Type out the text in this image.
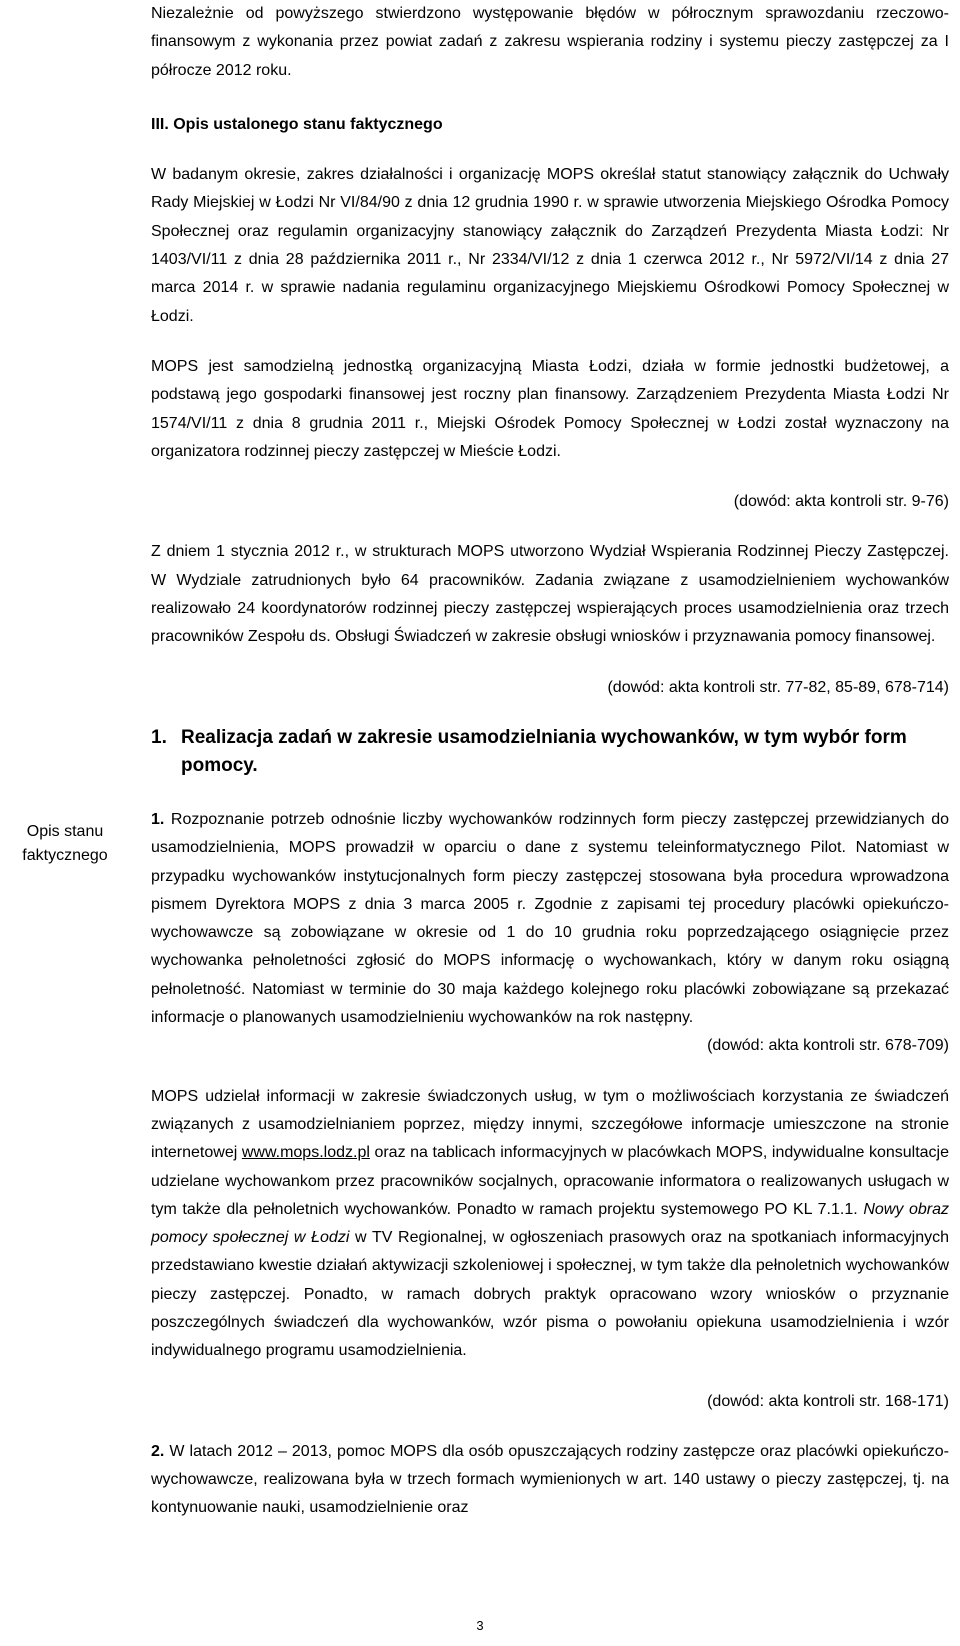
Opis stanu faktycznego

Niezależnie od powyższego stwierdzono występowanie błędów w półrocznym sprawozdaniu rzeczowo-finansowym z wykonania przez powiat zadań z zakresu wspierania rodziny i systemu pieczy zastępczej za I półrocze 2012 roku.

III. Opis ustalonego stanu faktycznego

W badanym okresie, zakres działalności i organizację MOPS określał statut stanowiący załącznik do Uchwały Rady Miejskiej w Łodzi Nr VI/84/90 z dnia 12 grudnia 1990 r. w sprawie utworzenia Miejskiego Ośrodka Pomocy Społecznej oraz regulamin organizacyjny stanowiący załącznik do Zarządzeń Prezydenta Miasta Łodzi: Nr 1403/VI/11 z dnia 28 października 2011 r., Nr 2334/VI/12 z dnia 1 czerwca 2012 r., Nr 5972/VI/14 z dnia 27 marca 2014 r. w sprawie nadania regulaminu organizacyjnego Miejskiemu Ośrodkowi Pomocy Społecznej w Łodzi.

MOPS jest samodzielną jednostką organizacyjną Miasta Łodzi, działa w formie jednostki budżetowej, a podstawą jego gospodarki finansowej jest roczny plan finansowy. Zarządzeniem Prezydenta Miasta Łodzi Nr 1574/VI/11 z dnia 8 grudnia 2011 r., Miejski Ośrodek Pomocy Społecznej w Łodzi został wyznaczony na organizatora rodzinnej pieczy zastępczej w Mieście Łodzi.

(dowód: akta kontroli str. 9-76)

Z dniem 1 stycznia 2012 r., w strukturach MOPS utworzono Wydział Wspierania Rodzinnej Pieczy Zastępczej. W Wydziale zatrudnionych było 64 pracowników. Zadania związane z usamodzielnieniem wychowanków realizowało 24 koordynatorów rodzinnej pieczy zastępczej wspierających proces usamodzielnienia oraz trzech pracowników Zespołu ds. Obsługi Świadczeń w zakresie obsługi wniosków i przyznawania pomocy finansowej.

(dowód: akta kontroli str. 77-82, 85-89, 678-714)

1. Realizacja zadań w zakresie usamodzielniania wychowanków, w tym wybór form pomocy.

1. Rozpoznanie potrzeb odnośnie liczby wychowanków rodzinnych form pieczy zastępczej przewidzianych do usamodzielnienia, MOPS prowadził w oparciu o dane z systemu teleinformatycznego Pilot. Natomiast w przypadku wychowanków instytucjonalnych form pieczy zastępczej stosowana była procedura wprowadzona pismem Dyrektora MOPS z dnia 3 marca 2005 r. Zgodnie z zapisami tej procedury placówki opiekuńczo-wychowawcze są zobowiązane w okresie od 1 do 10 grudnia roku poprzedzającego osiągnięcie przez wychowanka pełnoletności zgłosić do MOPS informację o wychowankach, który w danym roku osiągną pełnoletność. Natomiast w terminie do 30 maja każdego kolejnego roku placówki zobowiązane są przekazać informacje o planowanych usamodzielnieniu wychowanków na rok następny.

(dowód: akta kontroli str. 678-709)

MOPS udzielał informacji w zakresie świadczonych usług, w tym o możliwościach korzystania ze świadczeń związanych z usamodzielnianiem poprzez, między innymi, szczegółowe informacje umieszczone na stronie internetowej www.mops.lodz.pl oraz na tablicach informacyjnych w placówkach MOPS, indywidualne konsultacje udzielane wychowankom przez pracowników socjalnych, opracowanie informatora o realizowanych usługach w tym także dla pełnoletnich wychowanków. Ponadto w ramach projektu systemowego PO KL 7.1.1. Nowy obraz pomocy społecznej w Łodzi w TV Regionalnej, w ogłoszeniach prasowych oraz na spotkaniach informacyjnych przedstawiano kwestie działań aktywizacji szkoleniowej i społecznej, w tym także dla pełnoletnich wychowanków pieczy zastępczej. Ponadto, w ramach dobrych praktyk opracowano wzory wniosków o przyznanie poszczególnych świadczeń dla wychowanków, wzór pisma o powołaniu opiekuna usamodzielnienia i wzór indywidualnego programu usamodzielnienia.

(dowód: akta kontroli str. 168-171)

2. W latach 2012 – 2013, pomoc MOPS dla osób opuszczających rodziny zastępcze oraz placówki opiekuńczo-wychowawcze, realizowana była w trzech formach wymienionych w art. 140 ustawy o pieczy zastępczej, tj. na kontynuowanie nauki, usamodzielnienie oraz

3
